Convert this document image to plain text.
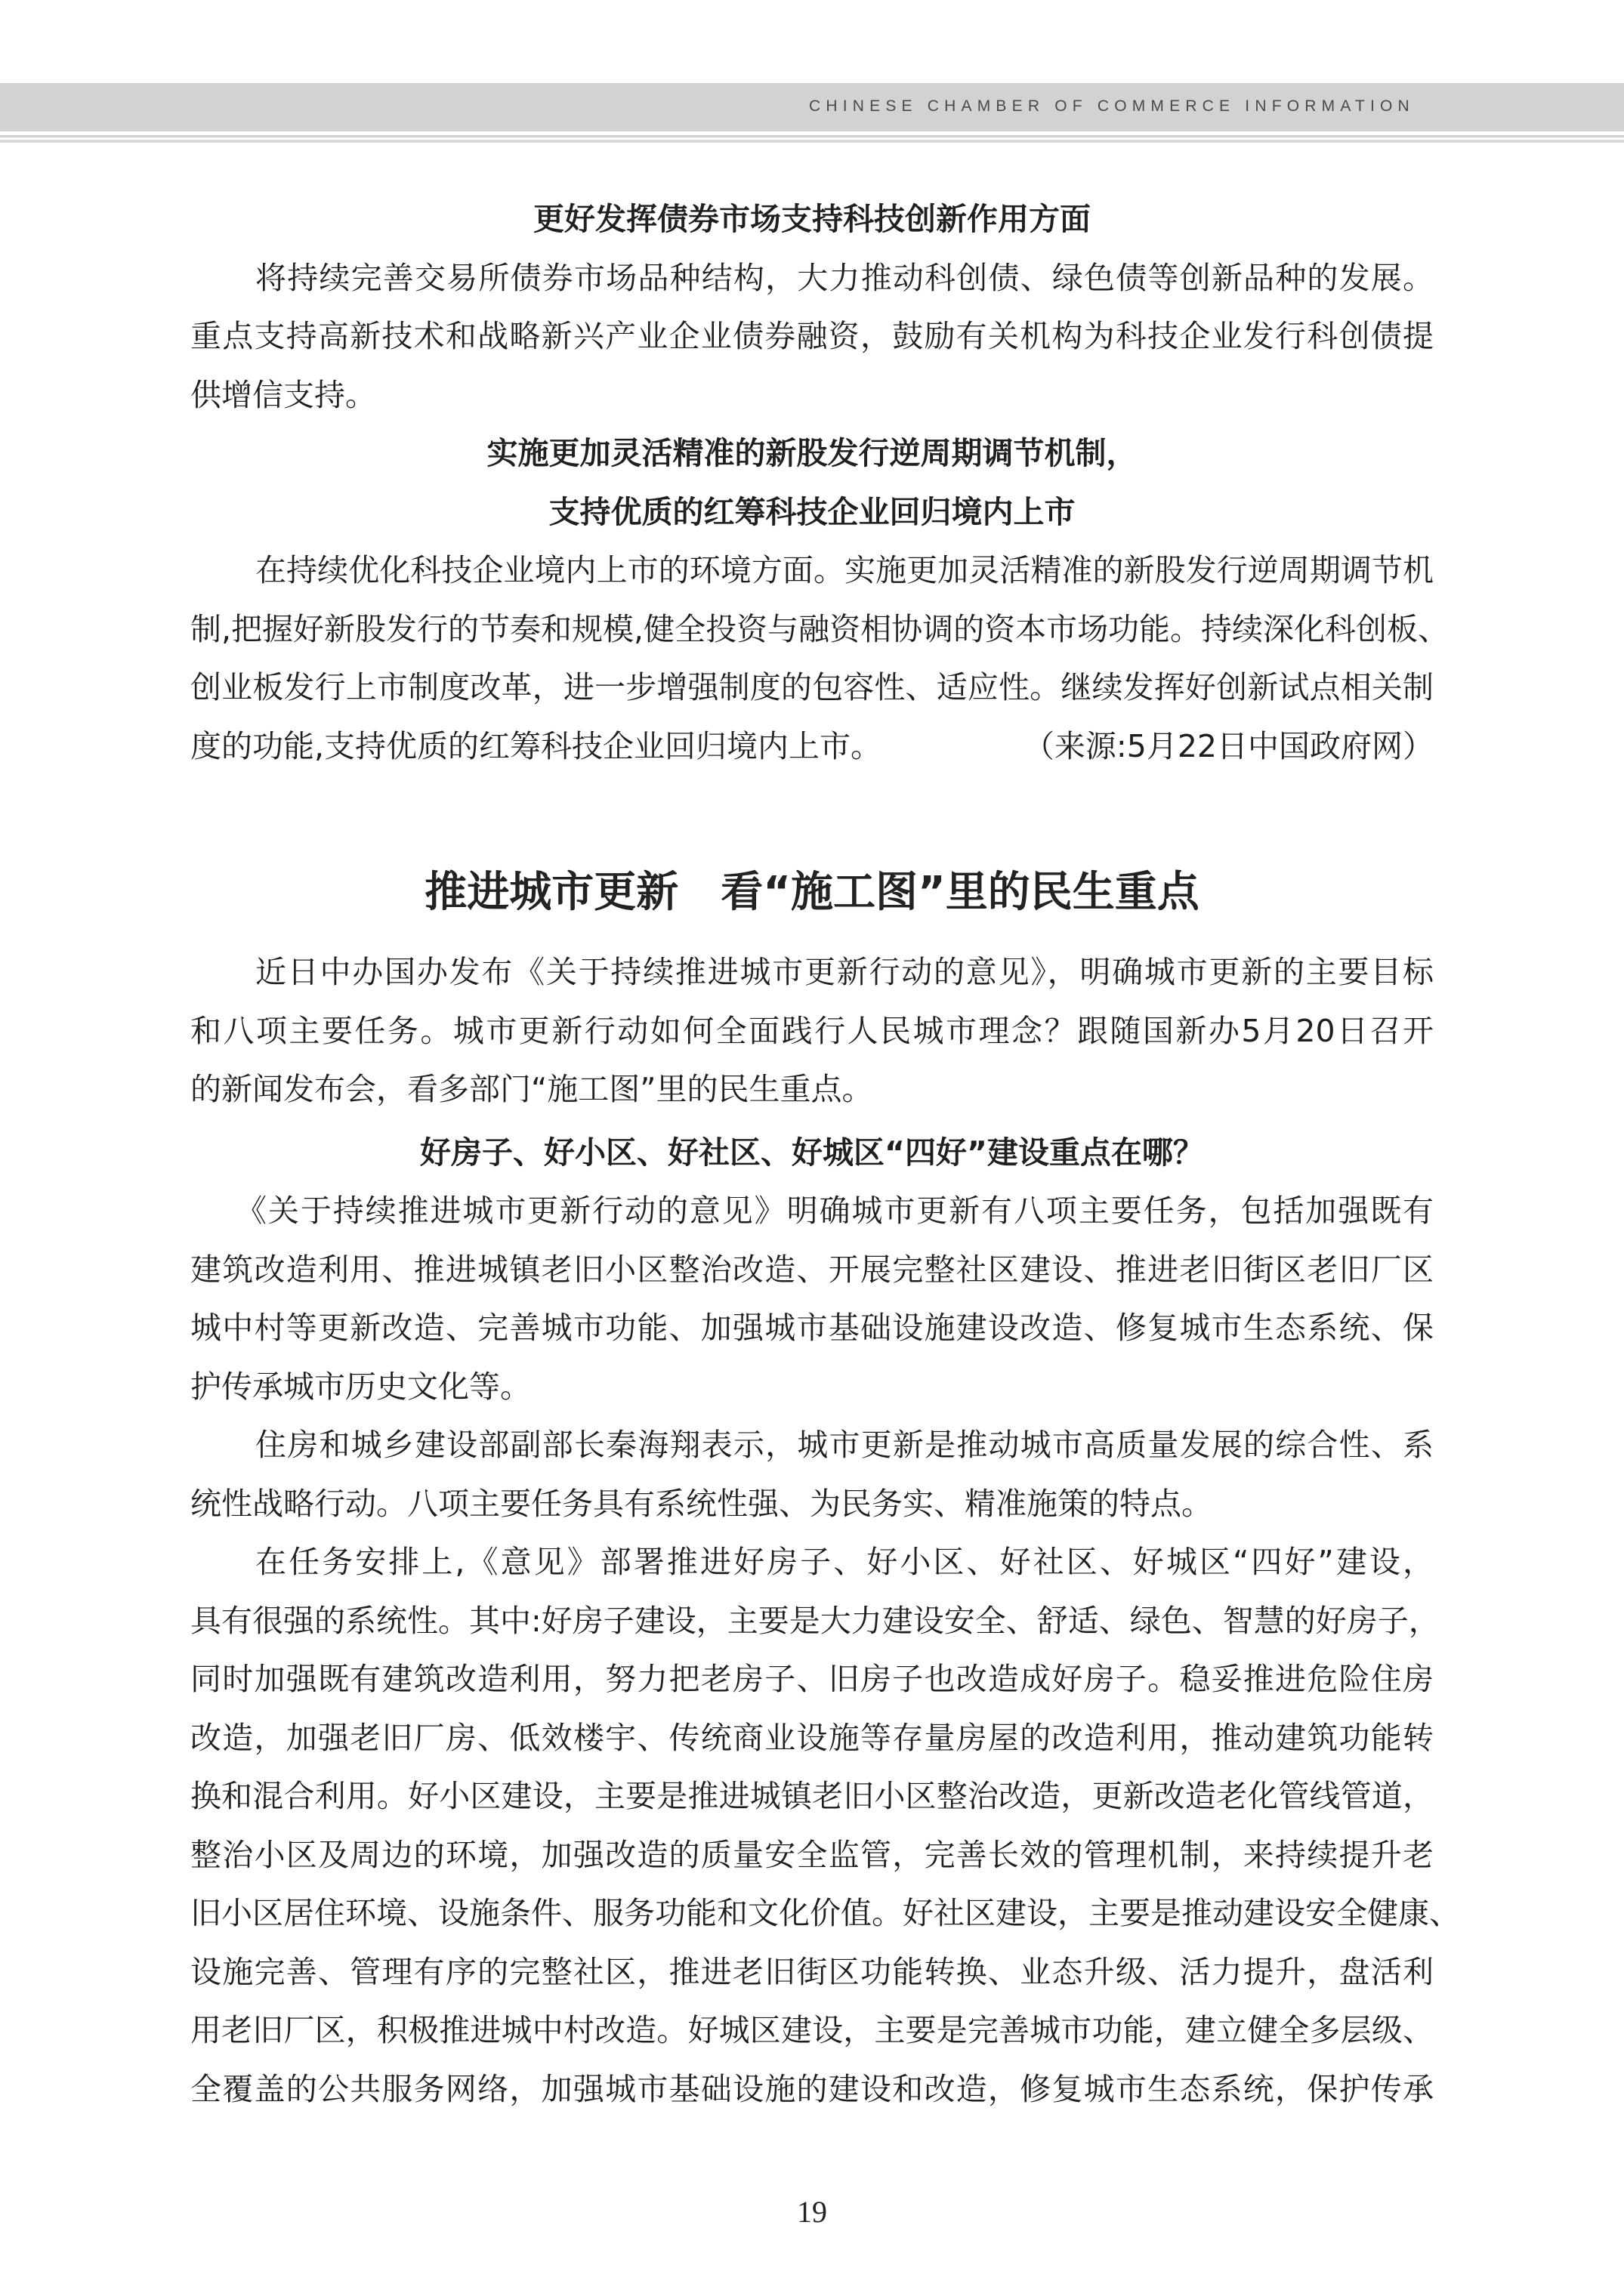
CHINESE CHAMBER OF COMMERCE INFORMATION
更好发挥债券市场支持科技创新作用方面
将持续完善交易所债券市场品种结构，大力推动科创债、绿色债等创新品种的发展。
重点支持高新技术和战略新兴产业企业债券融资，鼓励有关机构为科技企业发行科创债提
供增信支持。
实施更加灵活精准的新股发行逆周期调节机制，
支持优质的红筹科技企业回归境内上市
在持续优化科技企业境内上市的环境方面。实施更加灵活精准的新股发行逆周期调节机
制,把握好新股发行的节奏和规模,健全投资与融资相协调的资本市场功能。持续深化科创板、
创业板发行上市制度改革，进一步增强制度的包容性、适应性。继续发挥好创新试点相关制
度的功能,支持优质的红筹科技企业回归境内上市。	（来源:5月22日中国政府网）
推进城市更新　看“施工图”里的民生重点
近日中办国办发布《关于持续推进城市更新行动的意见》，明确城市更新的主要目标
和八项主要任务。城市更新行动如何全面践行人民城市理念？跟随国新办5月20日召开
的新闻发布会，看多部门“施工图”里的民生重点。
好房子、好小区、好社区、好城区“四好”建设重点在哪？
《关于持续推进城市更新行动的意见》明确城市更新有八项主要任务，包括加强既有
建筑改造利用、推进城镇老旧小区整治改造、开展完整社区建设、推进老旧街区老旧厂区
城中村等更新改造、完善城市功能、加强城市基础设施建设改造、修复城市生态系统、保
护传承城市历史文化等。
住房和城乡建设部副部长秦海翔表示，城市更新是推动城市高质量发展的综合性、系
统性战略行动。八项主要任务具有系统性强、为民务实、精准施策的特点。
在任务安排上,《意见》部署推进好房子、好小区、好社区、好城区“四好”建设，
具有很强的系统性。其中:好房子建设，主要是大力建设安全、舒适、绿色、智慧的好房子，
同时加强既有建筑改造利用，努力把老房子、旧房子也改造成好房子。稳妥推进危险住房
改造，加强老旧厂房、低效楼宇、传统商业设施等存量房屋的改造利用，推动建筑功能转
换和混合利用。好小区建设，主要是推进城镇老旧小区整治改造，更新改造老化管线管道，
整治小区及周边的环境，加强改造的质量安全监管，完善长效的管理机制，来持续提升老
旧小区居住环境、设施条件、服务功能和文化价值。好社区建设，主要是推动建设安全健康、
设施完善、管理有序的完整社区，推进老旧街区功能转换、业态升级、活力提升，盘活利
用老旧厂区，积极推进城中村改造。好城区建设，主要是完善城市功能，建立健全多层级、
全覆盖的公共服务网络，加强城市基础设施的建设和改造，修复城市生态系统，保护传承
19
